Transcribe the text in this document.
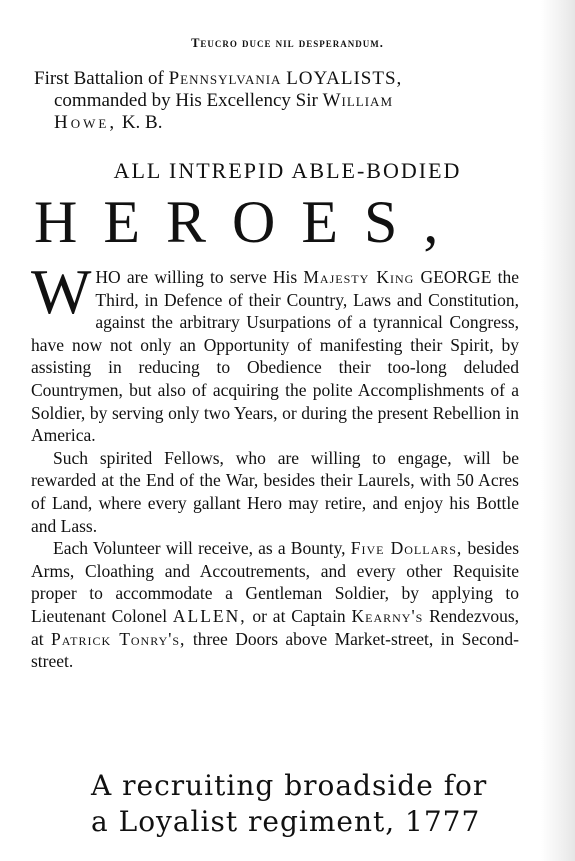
Teucro duce nil desperandum.
First Battalion of Pennsylvania LOYALISTS,
commanded by His Excellency Sir William
Howe, K. B.
ALL INTREPID ABLE-BODIED
HEROES,

W HO are willing to serve His Majesty King GEORGE the Third, in Defence of their Country, Laws and Constitution, against the arbitrary Usurpations of a tyrannical Congress, have now not only an Opportunity of manifesting their Spirit, by assisting in reducing to Obedience their too-long deluded Countrymen, but also of acquiring the polite Accomplishments of a Soldier, by serving only two Years, or during the present Rebellion in America.

Such spirited Fellows, who are willing to engage, will be rewarded at the End of the War, besides their Laurels, with 50 Acres of Land, where every gallant Hero may retire, and enjoy his Bottle and Lass.

Each Volunteer will receive, as a Bounty, Five Dollars, besides Arms, Cloathing and Accoutrements, and every other Requisite proper to accommodate a Gentleman Soldier, by applying to Lieutenant Colonel ALLEN, or at Captain Kearny's Rendezvous, at Patrick Tonry's, three Doors above Market-street, in Second-street.

A recruiting broadside for
a Loyalist regiment, 1777
